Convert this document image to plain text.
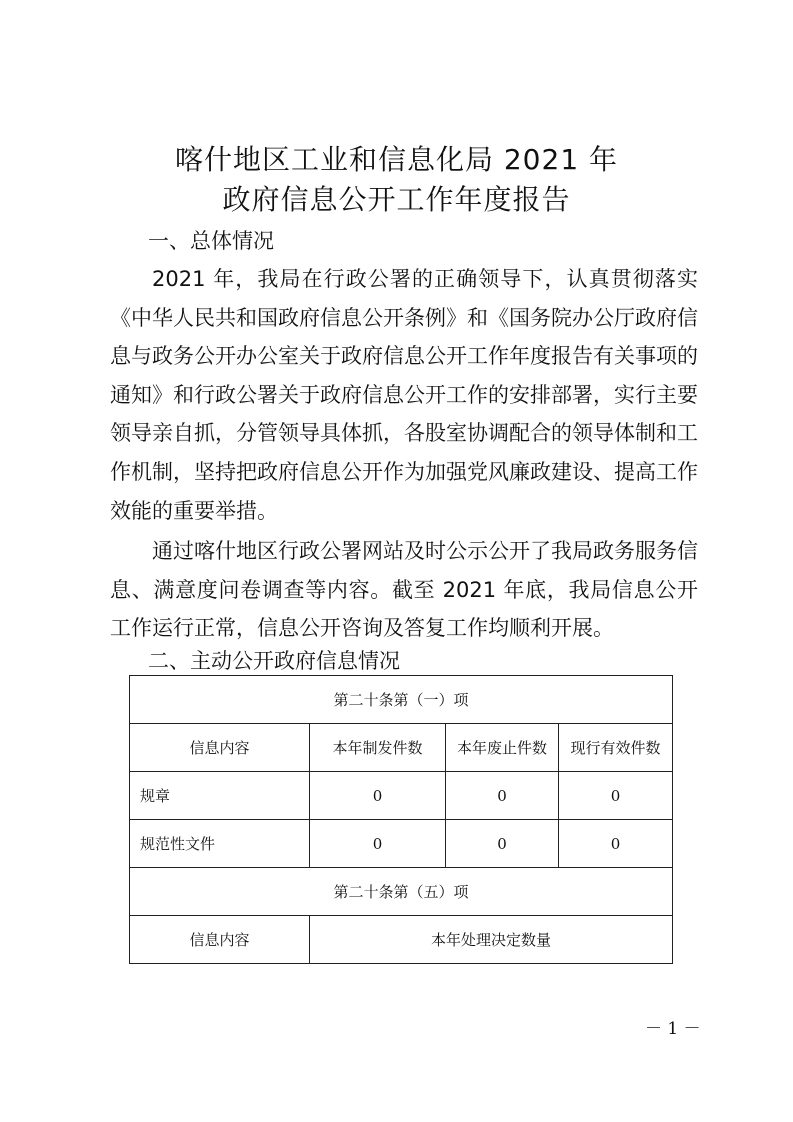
喀什地区工业和信息化局 2021 年
政府信息公开工作年度报告
一、总体情况

2021 年，我局在行政公署的正确领导下，认真贯彻落实《中华人民共和国政府信息公开条例》和《国务院办公厅政府信息与政务公开办公室关于政府信息公开工作年度报告有关事项的通知》和行政公署关于政府信息公开工作的安排部署，实行主要领导亲自抓，分管领导具体抓，各股室协调配合的领导体制和工作机制，坚持把政府信息公开作为加强党风廉政建设、提高工作效能的重要举措。

通过喀什地区行政公署网站及时公示公开了我局政务服务信息、满意度问卷调查等内容。截至 2021 年底，我局信息公开工作运行正常，信息公开咨询及答复工作均顺利开展。

二、主动公开政府信息情况
第二十条第（一）项			
信息内容	本年制发件数	本年废止件数	现行有效件数
规章	0	0	0
规范性文件	0	0	0
第二十条第（五）项			
信息内容	本年处理决定数量		
－ 1 －
